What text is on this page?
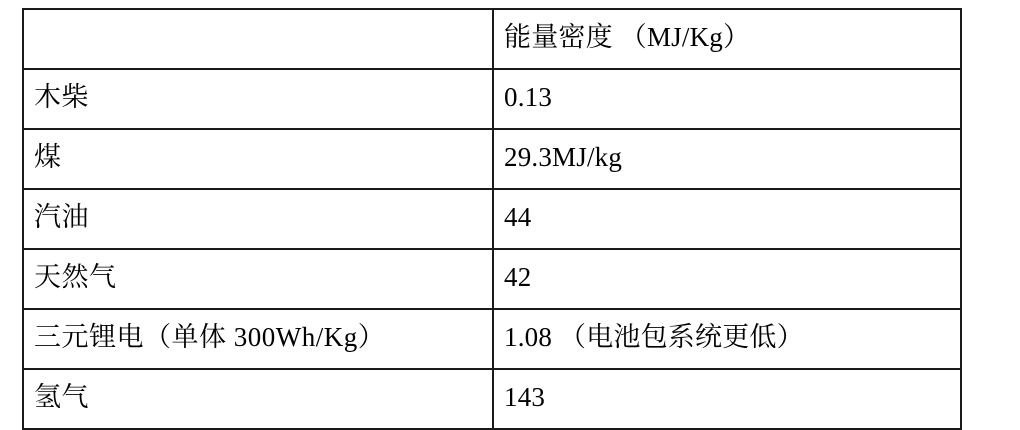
	能量密度 （MJ/Kg）
木柴	0.13
煤	29.3MJ/kg
汽油	44
天然气	42
三元锂电（单体 300Wh/Kg）	1.08 （电池包系统更低）
氢气	143
